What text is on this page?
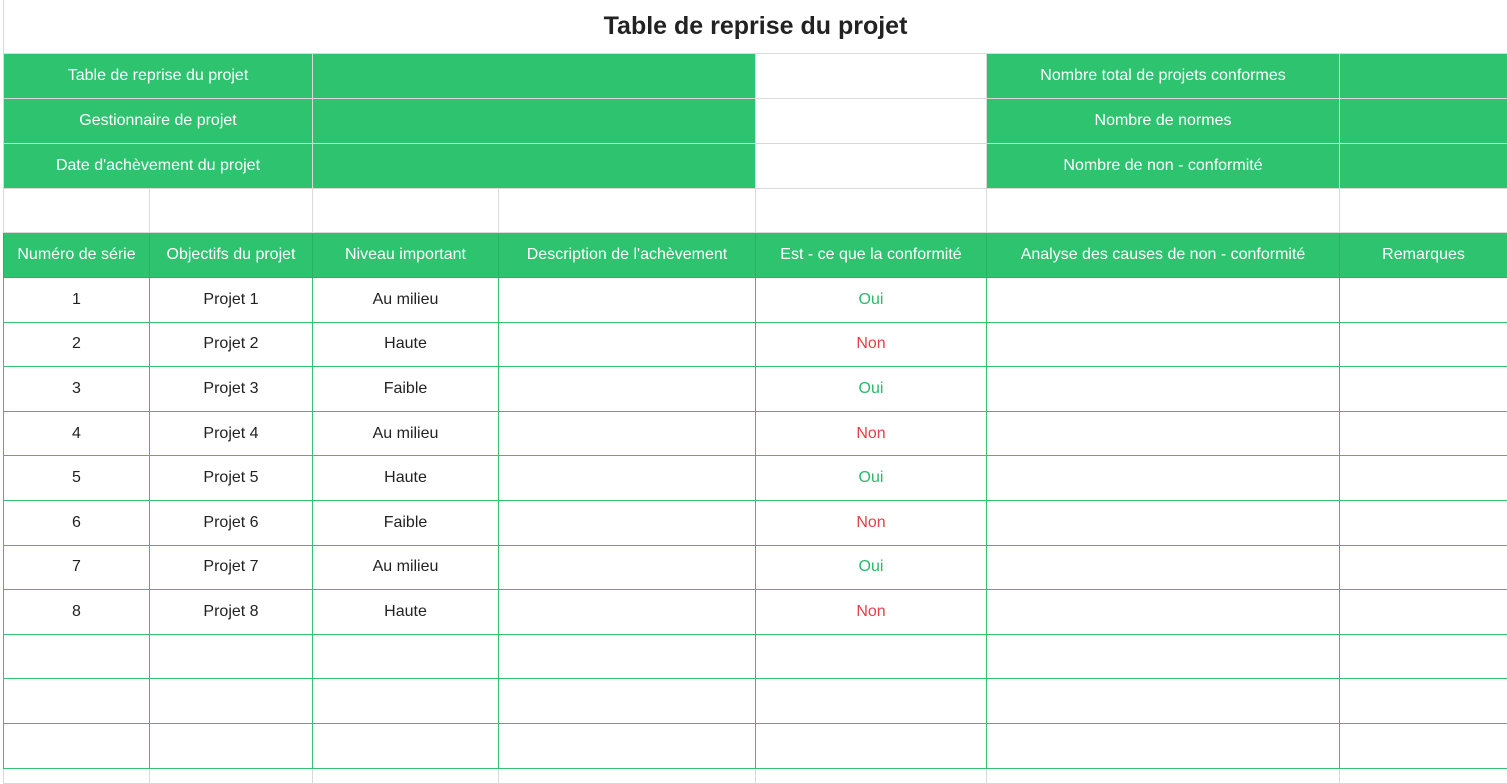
Table de reprise du projet						
Table de reprise du projet					Nombre total de projets conformes	
Gestionnaire de projet					Nombre de normes	
Date d'achèvement du projet					Nombre de non - conformité	

Numéro de série	Objectifs du projet	Niveau important	Description de l'achèvement	Est - ce que la conformité	Analyse des causes de non - conformité	Remarques
1	Projet 1	Au milieu		Oui		
2	Projet 2	Haute		Non		
3	Projet 3	Faible		Oui		
4	Projet 4	Au milieu		Non		
5	Projet 5	Haute		Oui		
6	Projet 6	Faible		Non		
7	Projet 7	Au milieu		Oui		
8	Projet 8	Haute		Non		
